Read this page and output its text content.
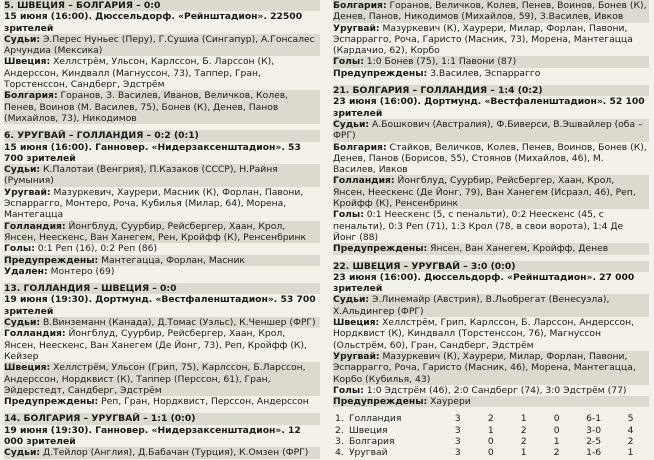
5. ШВЕЦИЯ – БОЛГАРИЯ – 0:0
15 июня (16:00). Дюссельдорф. «Рейнштадион». 22500 зрителей
Судьи: Э.Перес Нуньес (Перу), Г.Сушиа (Сингапур), А.Гонсалес Арчундиа (Мексика)
Швеция: Хеллстрём, Ульсон, Карлссон, Б. Ларссон (К), Андерссон, Киндвалл (Магнуссон, 73), Таппер, Гран, Торстенссон, Сандберг, Эдстрём
Болгария: Горанов, З. Василев, Иванов, Величков, Колев, Пенев, Воинов (М. Василев, 75), Бонев (К), Денев, Панов (Михайлов, 73), Никодимов
6. УРУГВАЙ – ГОЛЛАНДИЯ – 0:2 (0:1)
15 июня (16:00). Ганновер. «Нидерзаксенштадион». 53 700 зрителей
Судьи: К.Палотаи (Венгрия), П.Казаков (СССР), Н.Райня (Румыния)
Уругвай: Мазуркевич, Хаурери, Масник (К), Форлан, Павони, Эспаррагго, Монтеро, Роча, Кубилья (Милар, 64), Морена, Мантегацца
Голландия: Йонгблуд, Суурбир, Рейсбергер, Хаан, Крол, Янсен, Неескенс, Ван Ханегем, Рен, Кройфф (К), Ренсенбринк
Голы: 0:1 Реп (16), 0:2 Реп (86)
Предупреждены: Мантегацца, Форлан, Масник
Удален: Монтеро (69)
13. ГОЛЛАНДИЯ – ШВЕЦИЯ – 0:0
19 июня (19:30). Дортмунд. «Вестфаленштадион». 53 700 зрителей
Судьи: В.Винземанн (Канада), Д.Томас (Уэльс), К.Ченшер (ФРГ)
Голландия: Йонгблуд, Суурбир, Рейсбергер, Хаан, Крол, Янсен, Неескенс, Ван Ханегем (Де Йонг, 73), Реп, Кройфф (К), Кейзер
Швеция: Хеллстрём, Ульсон (Грип, 75), Карлссон, Б.Ларссон, Андерссон, Нордквист (К), Таппер (Перссон, 61), Гран, Эйдерстедт, Сандберг, Эдстрём
Предупреждены: Реп, Гран, Нордквист, Перссон, Андерссон
14. БОЛГАРИЯ – УРУГВАЙ – 1:1 (0:0)
19 июня (19:30). Ганновер. «Нидерзаксенштадион». 12 000 зрителей
Судьи: Д.Тейлор (Англия), Д.Бабачан (Турция), К.Омзен (ФРГ)
Болгария: Горанов, Величков, Колев, Пенев, Воинов, Бонев (К), Денев, Панов, Никодимов (Михайлов, 59), З.Василев, Ивков
Уругвай: Мазуркевич (К), Хаурери, Милар, Форлан, Павони, Эспаррагго, Роча, Гаристо (Масник, 73), Морена, Мантегацца (Кардачио, 62), Корбо
Голы: 1:0 Бонев (75), 1:1 Павони (87)
Предупреждены: З.Василев, Эспаррагго
21. БОЛГАРИЯ – ГОЛЛАНДИЯ – 1:4 (0:2)
23 июня (16:00). Дортмунд. «Вестфаленштадион». 52 100 зрителей
Судьи: А.Бошкович (Австралия), Ф.Биверси, В.Эшвайлер (оба – ФРГ)
Болгария: Стайков, Величков, Колев, Пенев, Воинов, Бонев (К), Денев, Панов (Борисов, 55), Стоянов (Михайлов, 46), М. Василев, Ивков
Голландия: Йонгблуд, Суурбир, Рейсбергер, Хаан, Крол, Янсен, Неескенс (Де Йонг, 79), Ван Ханегем (Исраэл, 46), Реп, Кройфф (К), Ренсенбринк
Голы: 0:1 Неескенс (5, с пенальти), 0:2 Неескенс (45, с пенальти), 0:3 Реп (71), 1:3 Крол (78, в свои ворота), 1:4 Де Йонг (88)
Предупреждены: Янсен, Ван Ханегем, Кройфф, Денев
22. ШВЕЦИЯ – УРУГВАЙ – 3:0 (0:0)
23 июня (16:00). Дюссельдорф. «Рейнштадион». 27 000 зрителей
Судьи: Э.Линемайр (Австрия), В.Льобрегат (Венесуэла), Х.Альдингер (ФРГ)
Швеция: Хеллстрём, Грип, Карлссон, Б. Ларссон, Андерссон, Нордквист (К), Киндвалл (Торстенссон, 76), Магнуссон (Ольстрём, 60), Гран, Сандберг, Эдстрём
Уругвай: Мазуркевич (К), Хаурери, Милар, Форлан, Павони, Эспаррагго, Роча, Гаристо (Масник, 46), Морена, Мантегацца, Корбо (Кубилья, 43)
Голы: 1:0 Эдстрём (46), 2:0 Сандберг (74), 3:0 Эдстрём (77)
Предупреждены: Хаурери
1.	Голландия	3	2	1	0	6-1	5
2.	Швеция	3	1	2	0	3-0	4
3.	Болгария	3	0	2	1	2-5	2
4.	Уругвай	3	0	1	2	1-6	1
